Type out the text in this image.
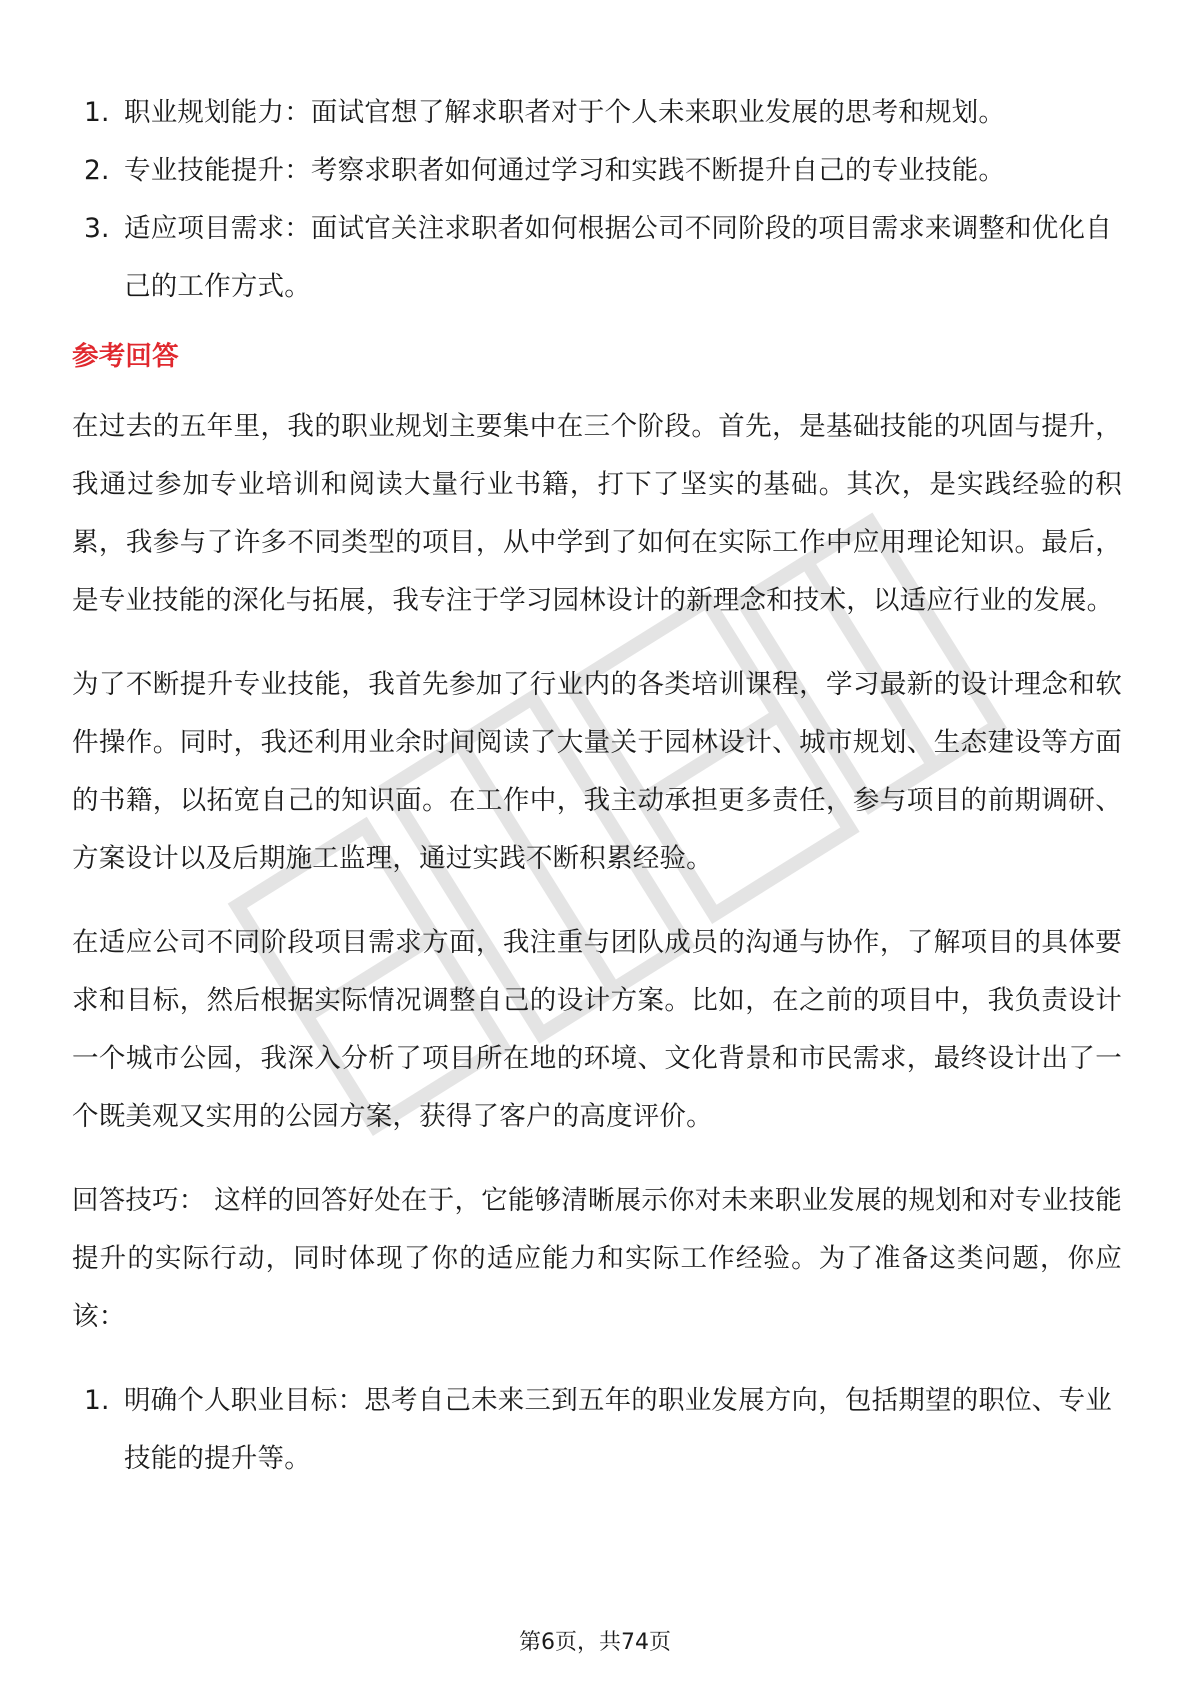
1. 职业规划能力：面试官想了解求职者对于个人未来职业发展的思考和规划。
2. 专业技能提升：考察求职者如何通过学习和实践不断提升自己的专业技能。
3. 适应项目需求：面试官关注求职者如何根据公司不同阶段的项目需求来调整和优化自己的工作方式。
参考回答

在过去的五年里，我的职业规划主要集中在三个阶段。首先，是基础技能的巩固与提升，我通过参加专业培训和阅读大量行业书籍，打下了坚实的基础。其次，是实践经验的积累，我参与了许多不同类型的项目，从中学到了如何在实际工作中应用理论知识。最后，是专业技能的深化与拓展，我专注于学习园林设计的新理念和技术，以适应行业的发展。

为了不断提升专业技能，我首先参加了行业内的各类培训课程，学习最新的设计理念和软件操作。同时，我还利用业余时间阅读了大量关于园林设计、城市规划、生态建设等方面的书籍，以拓宽自己的知识面。在工作中，我主动承担更多责任，参与项目的前期调研、方案设计以及后期施工监理，通过实践不断积累经验。

在适应公司不同阶段项目需求方面，我注重与团队成员的沟通与协作，了解项目的具体要求和目标，然后根据实际情况调整自己的设计方案。比如，在之前的项目中，我负责设计一个城市公园，我深入分析了项目所在地的环境、文化背景和市民需求，最终设计出了一个既美观又实用的公园方案，获得了客户的高度评价。

回答技巧： 这样的回答好处在于，它能够清晰展示你对未来职业发展的规划和对专业技能提升的实际行动，同时体现了你的适应能力和实际工作经验。为了准备这类问题，你应该：

1. 明确个人职业目标：思考自己未来三到五年的职业发展方向，包括期望的职位、专业技能的提升等。
第6页，共74页
